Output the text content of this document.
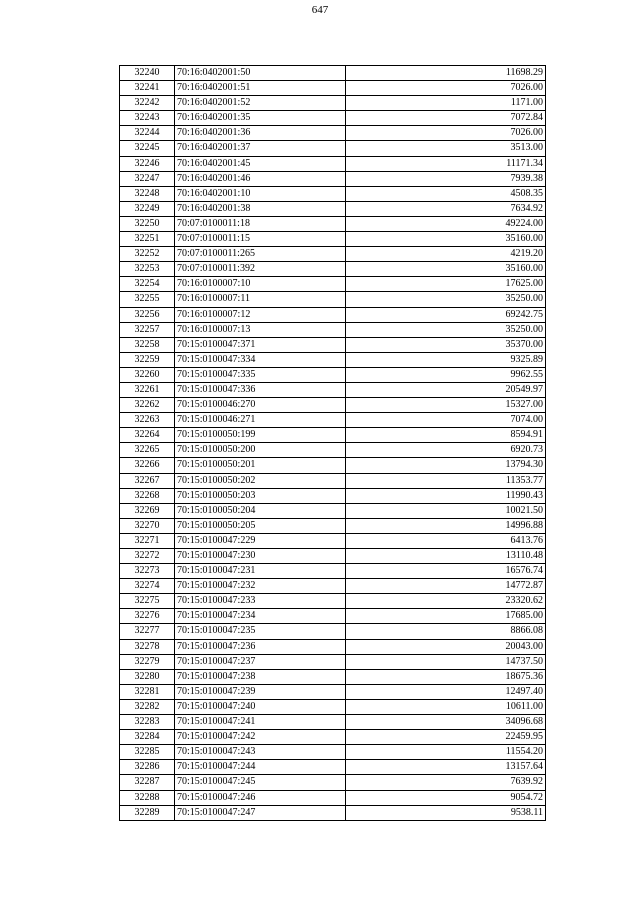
647
32240	70:16:0402001:50	11698.29
32241	70:16:0402001:51	7026.00
32242	70:16:0402001:52	1171.00
32243	70:16:0402001:35	7072.84
32244	70:16:0402001:36	7026.00
32245	70:16:0402001:37	3513.00
32246	70:16:0402001:45	11171.34
32247	70:16:0402001:46	7939.38
32248	70:16:0402001:10	4508.35
32249	70:16:0402001:38	7634.92
32250	70:07:0100011:18	49224.00
32251	70:07:0100011:15	35160.00
32252	70:07:0100011:265	4219.20
32253	70:07:0100011:392	35160.00
32254	70:16:0100007:10	17625.00
32255	70:16:0100007:11	35250.00
32256	70:16:0100007:12	69242.75
32257	70:16:0100007:13	35250.00
32258	70:15:0100047:371	35370.00
32259	70:15:0100047:334	9325.89
32260	70:15:0100047:335	9962.55
32261	70:15:0100047:336	20549.97
32262	70:15:0100046:270	15327.00
32263	70:15:0100046:271	7074.00
32264	70:15:0100050:199	8594.91
32265	70:15:0100050:200	6920.73
32266	70:15:0100050:201	13794.30
32267	70:15:0100050:202	11353.77
32268	70:15:0100050:203	11990.43
32269	70:15:0100050:204	10021.50
32270	70:15:0100050:205	14996.88
32271	70:15:0100047:229	6413.76
32272	70:15:0100047:230	13110.48
32273	70:15:0100047:231	16576.74
32274	70:15:0100047:232	14772.87
32275	70:15:0100047:233	23320.62
32276	70:15:0100047:234	17685.00
32277	70:15:0100047:235	8866.08
32278	70:15:0100047:236	20043.00
32279	70:15:0100047:237	14737.50
32280	70:15:0100047:238	18675.36
32281	70:15:0100047:239	12497.40
32282	70:15:0100047:240	10611.00
32283	70:15:0100047:241	34096.68
32284	70:15:0100047:242	22459.95
32285	70:15:0100047:243	11554.20
32286	70:15:0100047:244	13157.64
32287	70:15:0100047:245	7639.92
32288	70:15:0100047:246	9054.72
32289	70:15:0100047:247	9538.11
